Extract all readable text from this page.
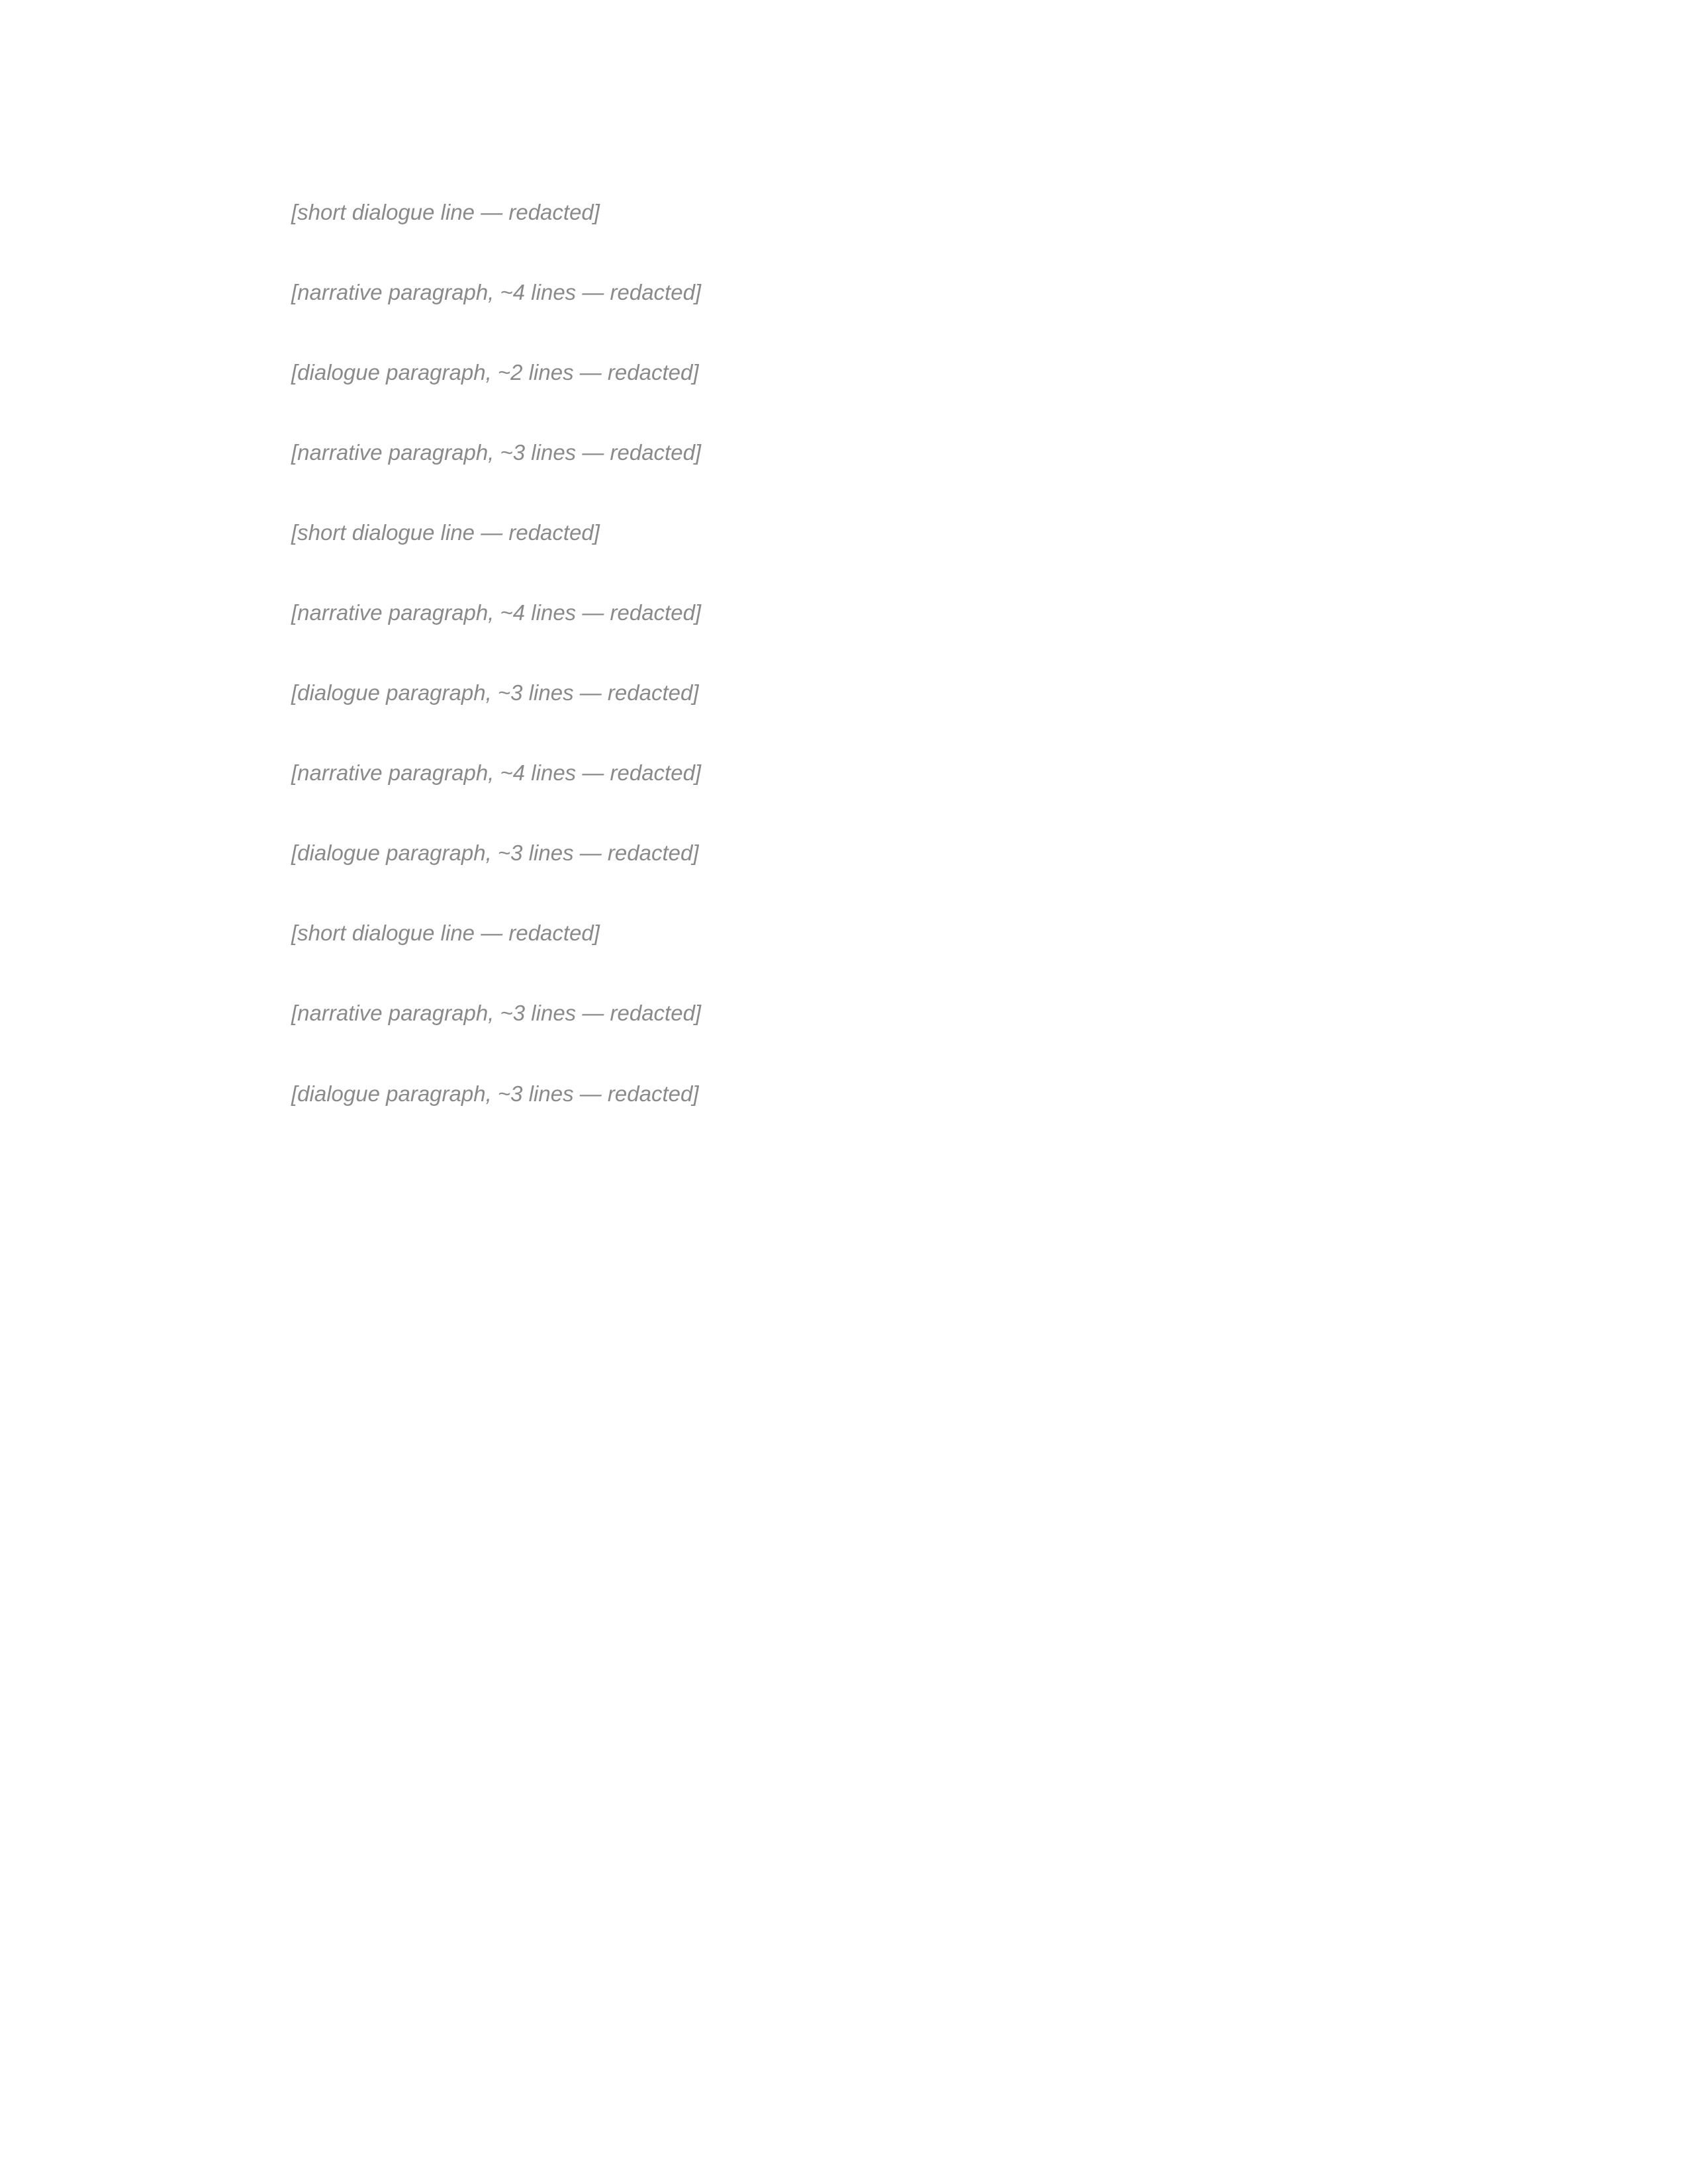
[short dialogue line — redacted]

[narrative paragraph, ~4 lines — redacted]

[dialogue paragraph, ~2 lines — redacted]

[narrative paragraph, ~3 lines — redacted]

[short dialogue line — redacted]

[narrative paragraph, ~4 lines — redacted]

[dialogue paragraph, ~3 lines — redacted]

[narrative paragraph, ~4 lines — redacted]

[dialogue paragraph, ~3 lines — redacted]

[short dialogue line — redacted]

[narrative paragraph, ~3 lines — redacted]

[dialogue paragraph, ~3 lines — redacted]
